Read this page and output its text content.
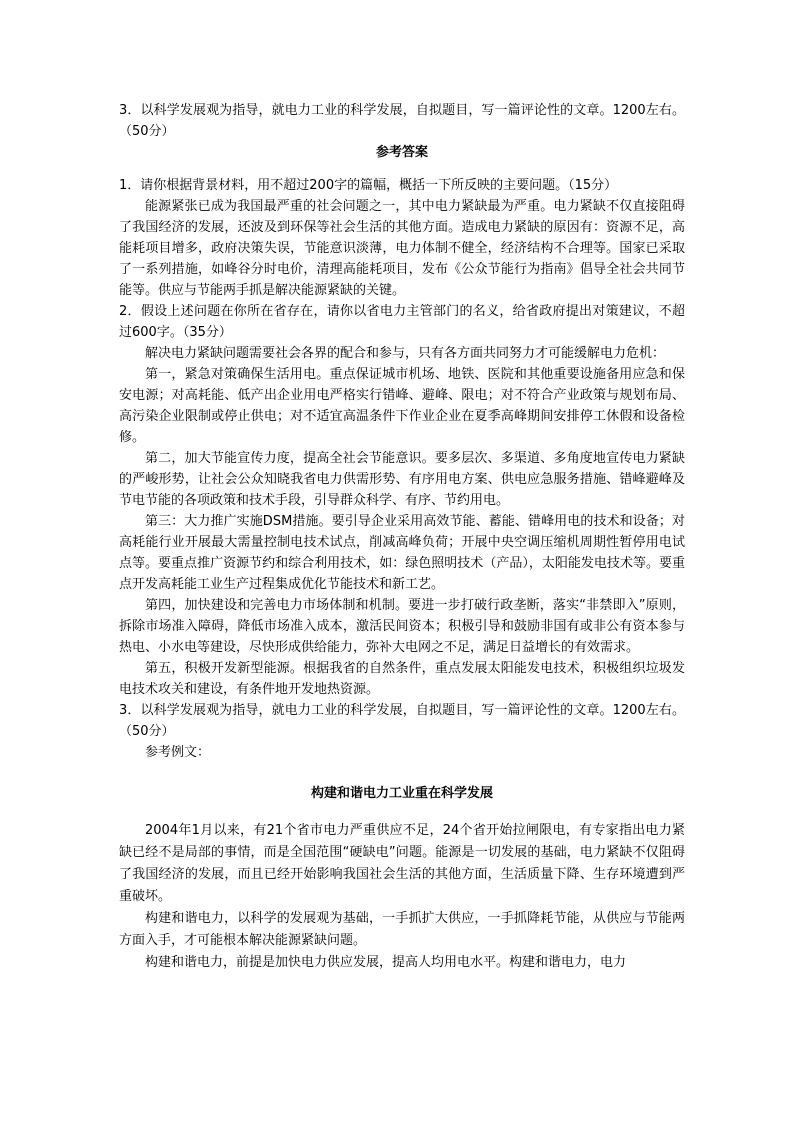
3．以科学发展观为指导，就电力工业的科学发展，自拟题目，写一篇评论性的文章。1200左右。（50分）

参考答案

1．请你根据背景材料，用不超过200字的篇幅，概括一下所反映的主要问题。（15分）

能源紧张已成为我国最严重的社会问题之一，其中电力紧缺最为严重。电力紧缺不仅直接阻碍了我国经济的发展，还波及到环保等社会生活的其他方面。造成电力紧缺的原因有：资源不足，高能耗项目增多，政府决策失误，节能意识淡薄，电力体制不健全，经济结构不合理等。国家已采取了一系列措施，如峰谷分时电价，清理高能耗项目，发布《公众节能行为指南》倡导全社会共同节能等。供应与节能两手抓是解决能源紧缺的关键。

2．假设上述问题在你所在省存在，请你以省电力主管部门的名义，给省政府提出对策建议，不超过600字。（35分）

解决电力紧缺问题需要社会各界的配合和参与，只有各方面共同努力才可能缓解电力危机：

第一，紧急对策确保生活用电。重点保证城市机场、地铁、医院和其他重要设施备用应急和保安电源；对高耗能、低产出企业用电严格实行错峰、避峰、限电；对不符合产业政策与规划布局、高污染企业限制或停止供电；对不适宜高温条件下作业企业在夏季高峰期间安排停工休假和设备检修。

第二，加大节能宣传力度，提高全社会节能意识。要多层次、多渠道、多角度地宣传电力紧缺的严峻形势，让社会公众知晓我省电力供需形势、有序用电方案、供电应急服务措施、错峰避峰及节电节能的各项政策和技术手段，引导群众科学、有序、节约用电。

第三：大力推广实施DSM措施。要引导企业采用高效节能、蓄能、错峰用电的技术和设备；对高耗能行业开展最大需量控制电技术试点，削减高峰负荷；开展中央空调压缩机周期性暂停用电试点等。要重点推广资源节约和综合利用技术，如：绿色照明技术（产品），太阳能发电技术等。要重点开发高耗能工业生产过程集成优化节能技术和新工艺。

第四，加快建设和完善电力市场体制和机制。要进一步打破行政垄断，落实“非禁即入”原则，拆除市场准入障碍，降低市场准入成本，激活民间资本；积极引导和鼓励非国有或非公有资本参与热电、小水电等建设，尽快形成供给能力，弥补大电网之不足，满足日益增长的有效需求。

第五，积极开发新型能源。根据我省的自然条件，重点发展太阳能发电技术，积极组织垃圾发电技术攻关和建设，有条件地开发地热资源。

3．以科学发展观为指导，就电力工业的科学发展，自拟题目，写一篇评论性的文章。1200左右。（50分）

参考例文：

构建和谐电力工业重在科学发展

2004年1月以来，有21个省市电力严重供应不足，24个省开始拉闸限电，有专家指出电力紧缺已经不是局部的事情，而是全国范围“硬缺电”问题。能源是一切发展的基础，电力紧缺不仅阻碍了我国经济的发展，而且已经开始影响我国社会生活的其他方面，生活质量下降、生存环境遭到严重破坏。

构建和谐电力，以科学的发展观为基础，一手抓扩大供应，一手抓降耗节能，从供应与节能两方面入手，才可能根本解决能源紧缺问题。

构建和谐电力，前提是加快电力供应发展，提高人均用电水平。构建和谐电力，电力
